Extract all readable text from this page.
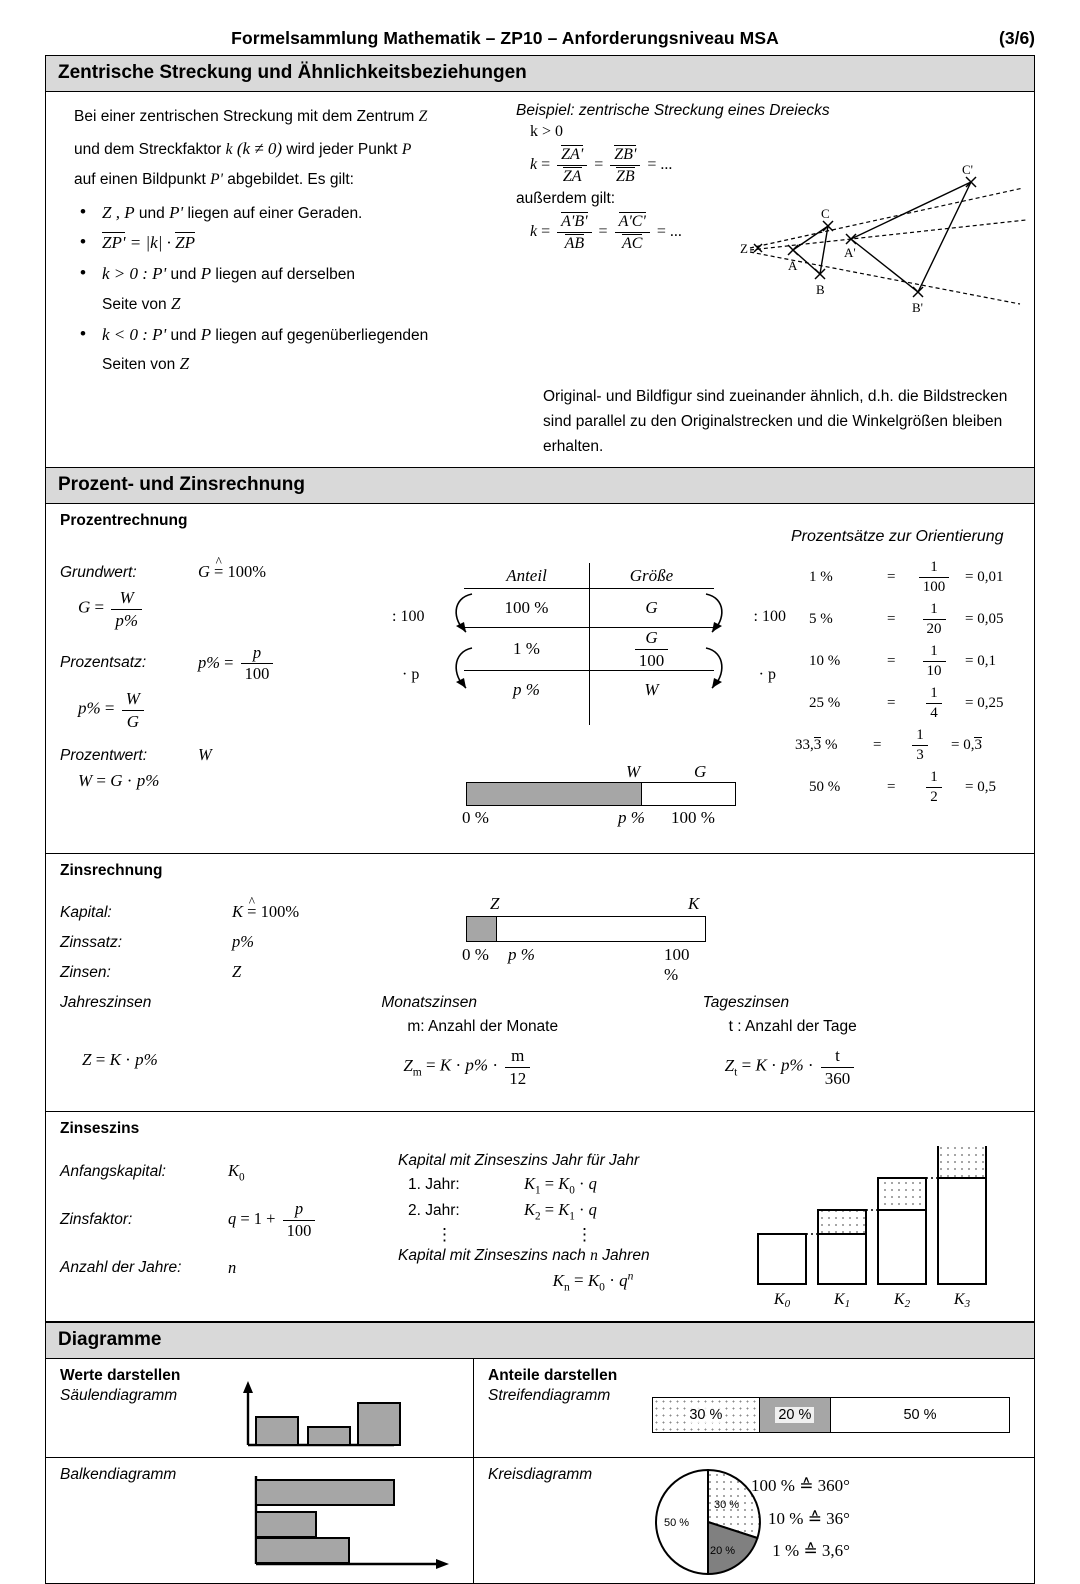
Formelsammlung Mathematik – ZP10 – Anforderungsniveau MSA	(3/6)
Zentrische Streckung und Ähnlichkeitsbeziehungen
Bei einer zentrischen Streckung mit dem Zentrum Z
und dem Streckfaktor k (k ≠ 0) wird jeder Punkt P
auf einen Bildpunkt P' abgebildet. Es gilt:
• Z , P und P' liegen auf einer Geraden.
• ZP' = |k| · ZP
• k > 0 : P' und P liegen auf derselben
Seite von Z
• k < 0 : P' und P liegen auf gegenüberliegenden
Seiten von Z
Beispiel: zentrische Streckung eines Dreiecks
k > 0
$k = \frac{ZA'}{ZA} = \frac{ZB'}{ZB}$ = ...
außerdem gilt:
$k = \frac{A'B'}{AB} = \frac{A'C'}{AC}$ = ...
Z
A
B
C
A'
B'
C'
Original- und Bildfigur sind zueinander ähnlich, d.h. die Bildstrecken sind parallel zu den Originalstrecken und die Winkelgrößen bleiben erhalten.
Prozent- und Zinsrechnung
Prozentrechnung
Grundwert:	G ^ = 100%
$G = \frac{W}{p\%}$
Prozentsatz:	$p\% = \frac{p}{100}$
$p\% = \frac{W}{G}$
Prozentwert:	W
W = G · p%
Anteil	Größe
100 %	G
1 %	$\frac{G}{100}$
p %	W
: 100
· p
: 100
· p
W	G
0 %	p % 100 %
Prozentsätze zur Orientierung
1 %	=	$\frac{1}{100} = 0,01$
5 %	=	$\frac{1}{20} = 0,05$
10 %	=	$\frac{1}{10} = 0,1$
25 %	=	$\frac{1}{4} = 0,25$
33,3 %	=	$\frac{1}{3} = 0,3$
50 %	=	$\frac{1}{2} = 0,5$
Zinsrechnung
Kapital:	K ^ = 100%
Zinssatz:	p%
Zinsen:	Z
Z	K
0 % p %	100 %
Jahreszinsen

Z = K · p%
Monatszinsen
m: Anzahl der Monate
$Z_m = K \cdot p\% \cdot \frac{m}{12}$
Tageszinsen
t : Anzahl der Tage
$Z_t = K \cdot p\% \cdot \frac{t}{360}$
Zinseszins
Anfangskapital:	$K_0$
Zinsfaktor:	$q = 1 + \frac{p}{100}$
Anzahl der Jahre:	n
Kapital mit Zinseszins Jahr für Jahr
1. Jahr:	$K_1 = K_0 \cdot q$
2. Jahr:	$K_2 = K_1 \cdot q$
⋮	⋮
Kapital mit Zinseszins nach n Jahren
$K_n = K_0 \cdot q^n$
K0	K1	K2	K3
Diagramme
Werte darstellen
Säulendiagramm
Anteile darstellen
Streifendiagramm
30 %	20 %	50 %
Balkendiagramm	Kreisdiagramm
50 %
30 %
20 %
100 % ≙ 360°
10 % ≙ 36°
1 % ≙ 3,6°
